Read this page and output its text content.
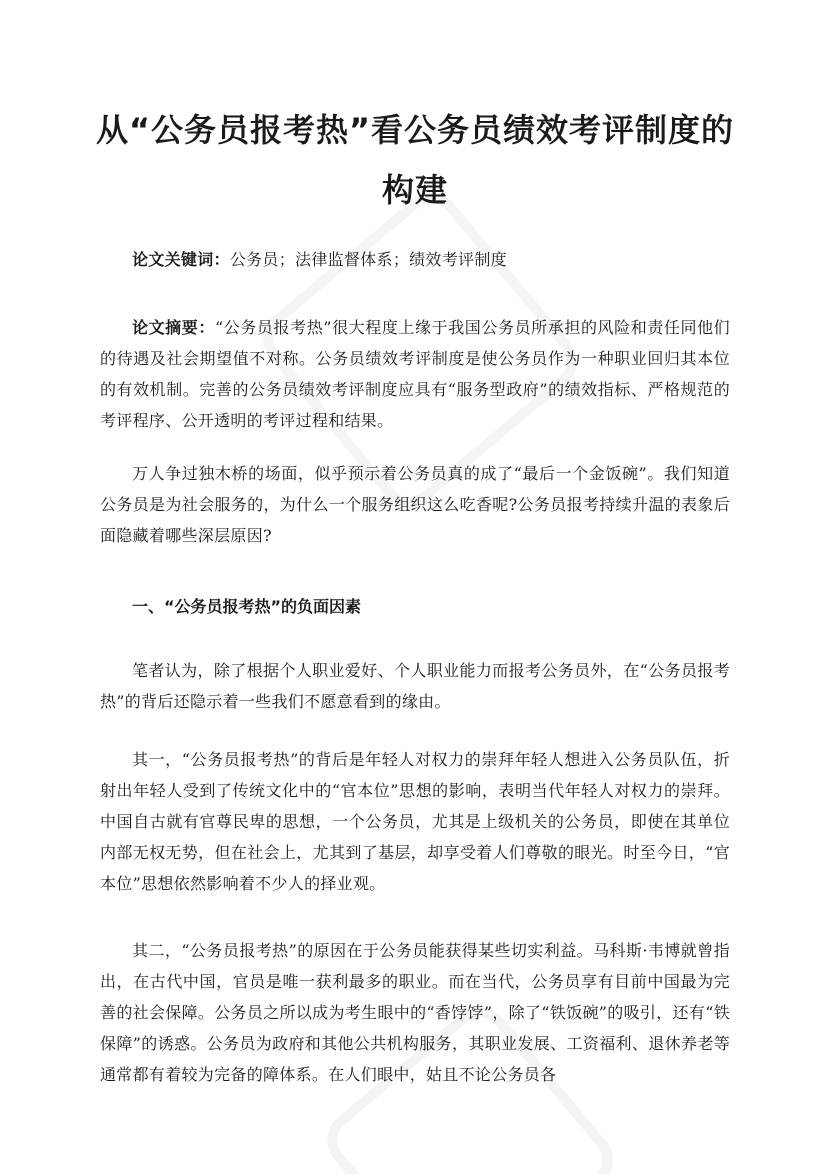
从“公务员报考热”看公务员绩效考评制度的构建

论文关键词：公务员；法律监督体系；绩效考评制度

论文摘要：“公务员报考热”很大程度上缘于我国公务员所承担的风险和责任同他们的待遇及社会期望值不对称。公务员绩效考评制度是使公务员作为一种职业回归其本位的有效机制。完善的公务员绩效考评制度应具有“服务型政府”的绩效指标、严格规范的考评程序、公开透明的考评过程和结果。

万人争过独木桥的场面，似乎预示着公务员真的成了“最后一个金饭碗”。我们知道公务员是为社会服务的，为什么一个服务组织这么吃香呢?公务员报考持续升温的表象后面隐藏着哪些深层原因?

一、“公务员报考热”的负面因素

笔者认为，除了根据个人职业爱好、个人职业能力而报考公务员外，在“公务员报考热”的背后还隐示着一些我们不愿意看到的缘由。

其一，“公务员报考热”的背后是年轻人对权力的崇拜年轻人想进入公务员队伍，折射出年轻人受到了传统文化中的“官本位”思想的影响，表明当代年轻人对权力的崇拜。中国自古就有官尊民卑的思想，一个公务员，尤其是上级机关的公务员，即使在其单位内部无权无势，但在社会上，尤其到了基层，却享受着人们尊敬的眼光。时至今日，“官本位”思想依然影响着不少人的择业观。

其二，“公务员报考热”的原因在于公务员能获得某些切实利益。马科斯·韦博就曾指出，在古代中国，官员是唯一获利最多的职业。而在当代，公务员享有目前中国最为完善的社会保障。公务员之所以成为考生眼中的“香饽饽”，除了“铁饭碗”的吸引，还有“铁保障”的诱惑。公务员为政府和其他公共机构服务，其职业发展、工资福利、退休养老等通常都有着较为完备的障体系。在人们眼中，姑且不论公务员各
